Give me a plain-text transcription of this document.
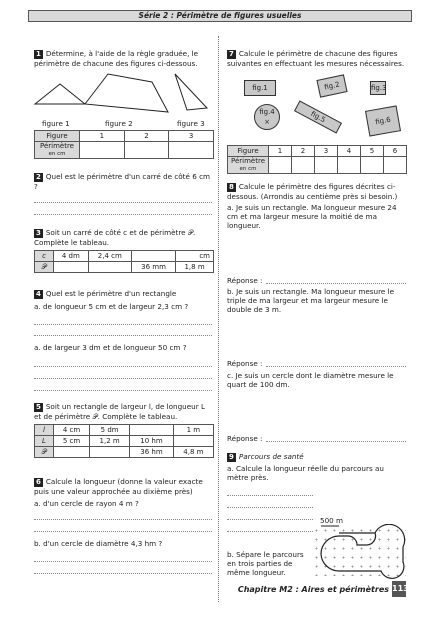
Série 2 : Périmètre de figures usuelles
1 Détermine, à l'aide de la règle graduée, le périmètre de chacune des figures ci-dessous.
figure 1	figure 2	figure 3
Figure	1	2	3
Périmètre
en cm			
2 Quel est le périmètre d'un carré de côté 6 cm ?
3 Soit un carré de côté c et de périmètre 𝒫. Complète le tableau.
c	4 dm	2,4 cm		cm
𝒫			36 mm	1,8 m
4 Quel est le périmètre d'un rectangle
a. de longueur 5 cm et de largeur 2,3 cm ?
a. de largeur 3 dm et de longueur 50 cm ?
5 Soit un rectangle de largeur l, de longueur L et de périmètre 𝒫. Complète le tableau.
l	4 cm	5 dm		1 m
L	5 cm	1,2 m	10 hm	
𝒫			36 hm	4,8 m
6 Calcule la longueur (donne la valeur exacte puis une valeur approchée au dixième près)
a. d'un cercle de rayon 4 m ?
b. d'un cercle de diamètre 4,3 hm ?
7 Calcule le périmètre de chacune des figures suivantes en effectuant les mesures nécessaires.
fig.1	fig.2	fig.3
fig.4
×	fig.5	fig.6
Figure	1	2	3	4	5	6
Périmètre
en cm						
8 Calcule le périmètre des figures décrites ci-dessous. (Arrondis au centième près si besoin.)
a. Je suis un rectangle. Ma longueur mesure 24 cm et ma largeur mesure la moitié de ma longueur.
Réponse :
b. Je suis un rectangle. Ma longueur mesure le triple de ma largeur et ma largeur mesure le double de 3 m.
Réponse :
c. Je suis un cercle dont le diamètre mesure le quart de 100 dm.
Réponse :
9 Parcours de santé
a. Calcule la longueur réelle du parcours au mètre près.
500 m
b. Sépare le parcours en trois parties de même longueur.
Chapitre M2 : Aires et périmètres 113
